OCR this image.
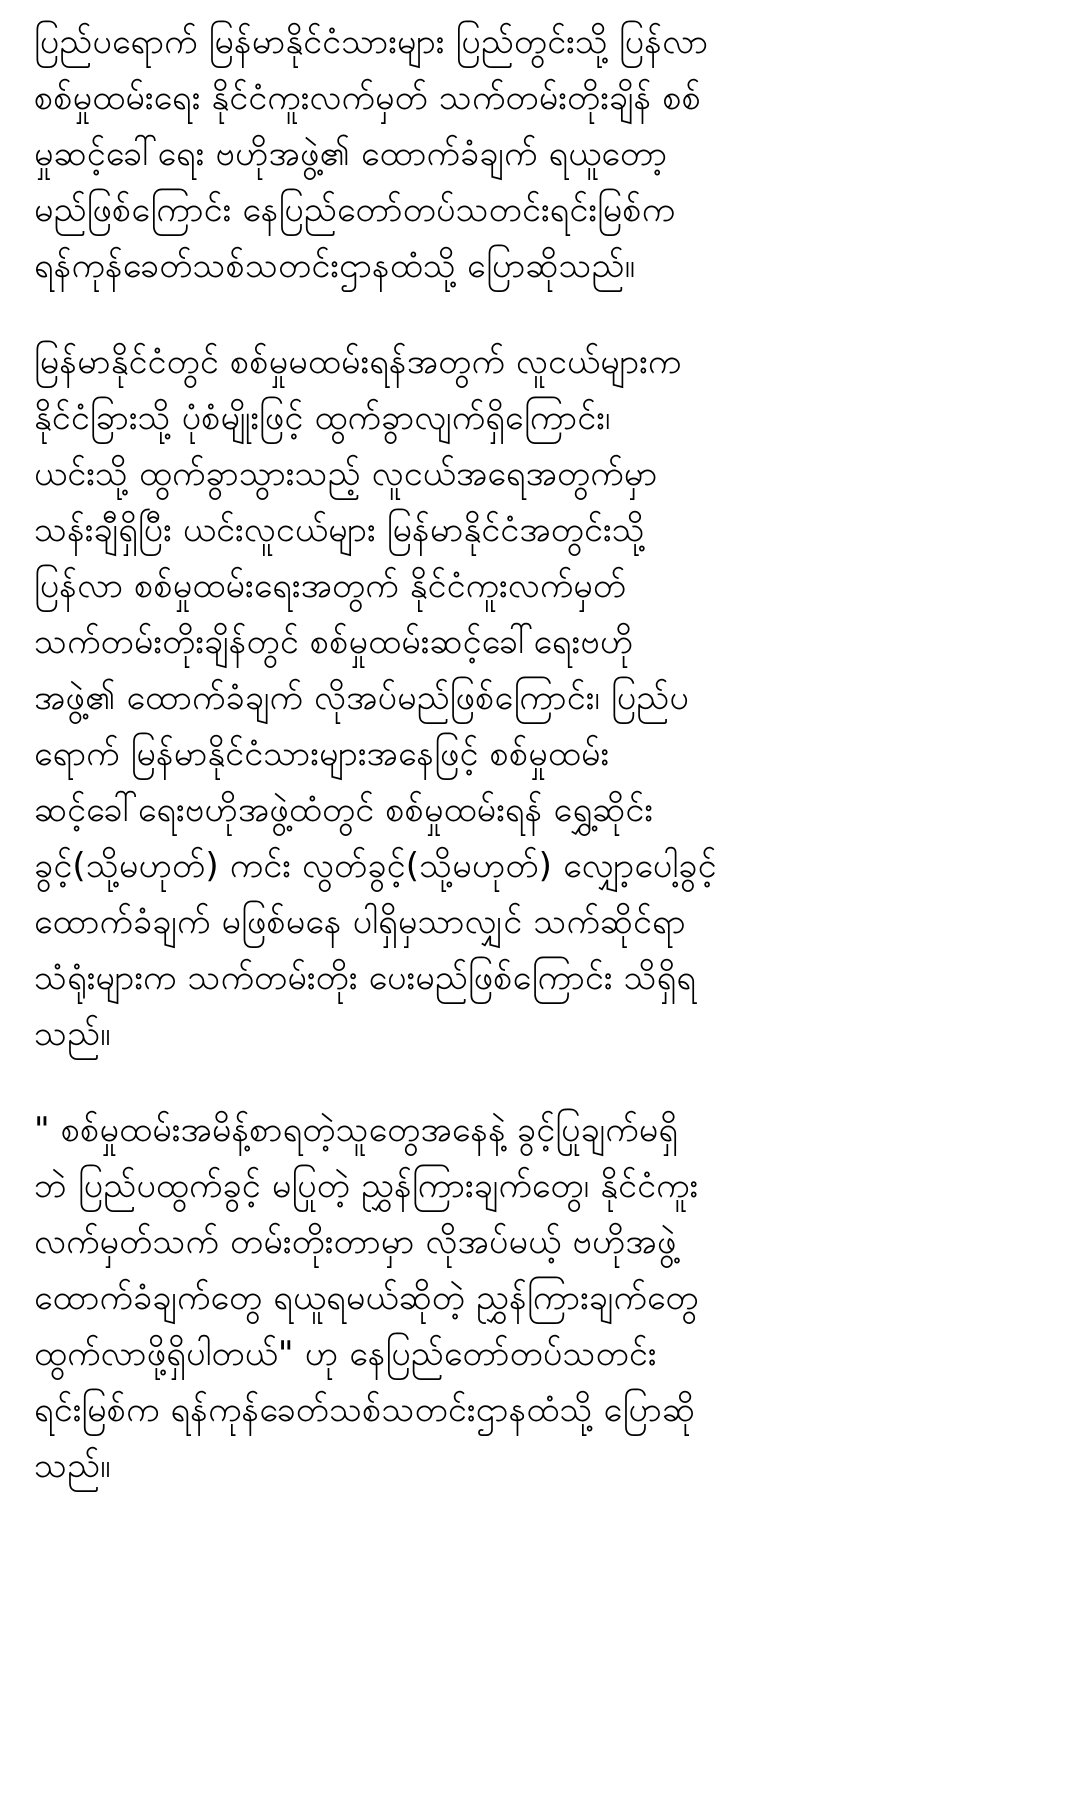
ပြည်ပရောက် မြန်မာနိုင်ငံသားများ ပြည်တွင်းသို့ ပြန်လာ
စစ်မှုထမ်းရေး နိုင်ငံကူးလက်မှတ် သက်တမ်းတိုးချိန် စစ်
မှုဆင့်ခေါ်ရေး ဗဟိုအဖွဲ့၏ ထောက်ခံချက် ရယူတော့
မည်ဖြစ်ကြောင်း နေပြည်တော်တပ်သတင်းရင်းမြစ်က
ရန်ကုန်ခေတ်သစ်သတင်းဌာနထံသို့ ပြောဆိုသည်။
မြန်မာနိုင်ငံတွင် စစ်မှုမထမ်းရန်အတွက် လူငယ်များက
နိုင်ငံခြားသို့ ပုံစံမျိုးဖြင့် ထွက်ခွာလျက်ရှိကြောင်း၊
ယင်းသို့ ထွက်ခွာသွားသည့် လူငယ်အရေအတွက်မှာ
သန်းချီရှိပြီး ယင်းလူငယ်များ မြန်မာနိုင်ငံအတွင်းသို့
ပြန်လာ စစ်မှုထမ်းရေးအတွက် နိုင်ငံကူးလက်မှတ်
သက်တမ်းတိုးချိန်တွင် စစ်မှုထမ်းဆင့်ခေါ်ရေးဗဟို
အဖွဲ့၏ ထောက်ခံချက် လိုအပ်မည်ဖြစ်ကြောင်း၊ ပြည်ပ
ရောက် မြန်မာနိုင်ငံသားများအနေဖြင့် စစ်မှုထမ်း
ဆင့်ခေါ်ရေးဗဟိုအဖွဲ့ထံတွင် စစ်မှုထမ်းရန် ရွှေ့ဆိုင်း
ခွင့်(သို့မဟုတ်) ကင်း လွတ်ခွင့်(သို့မဟုတ်) လျှော့ပေါ့ခွင့်
ထောက်ခံချက် မဖြစ်မနေ ပါရှိမှသာလျှင် သက်ဆိုင်ရာ
သံရုံးများက သက်တမ်းတိုး ပေးမည်ဖြစ်ကြောင်း သိရှိရ
သည်။
" စစ်မှုထမ်းအမိန့်စာရတဲ့သူတွေအနေနဲ့ ခွင့်ပြုချက်မရှိ
ဘဲ ပြည်ပထွက်ခွင့် မပြုတဲ့ ညွှန်ကြားချက်တွေ၊ နိုင်ငံကူး
လက်မှတ်သက် တမ်းတိုးတာမှာ လိုအပ်မယ့် ဗဟိုအဖွဲ့
ထောက်ခံချက်တွေ ရယူရမယ်ဆိုတဲ့ ညွှန်ကြားချက်တွေ
ထွက်လာဖို့ရှိပါတယ်" ဟု နေပြည်တော်တပ်သတင်း
ရင်းမြစ်က ရန်ကုန်ခေတ်သစ်သတင်းဌာနထံသို့ ပြောဆို
သည်။
